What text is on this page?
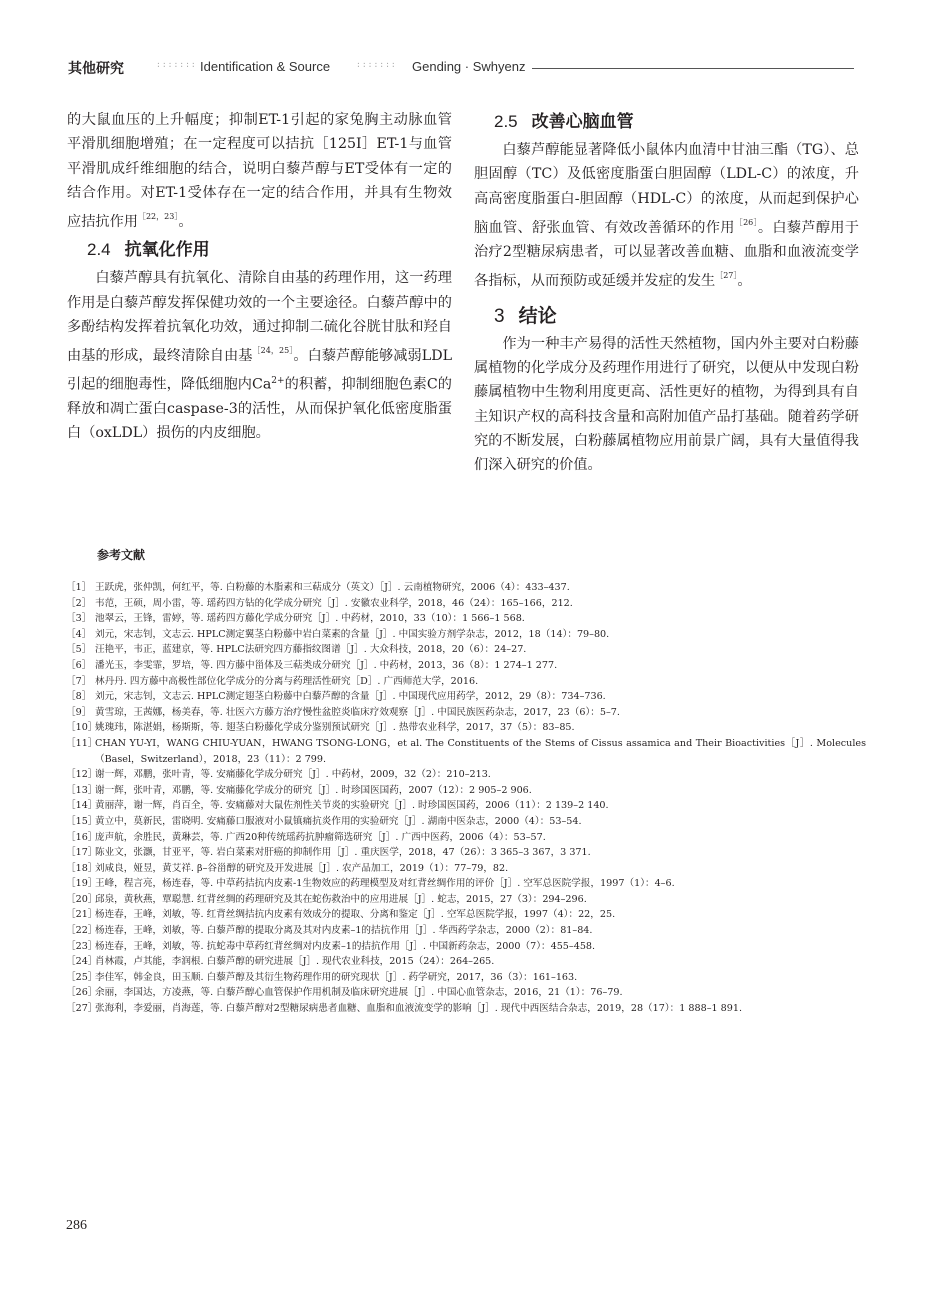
其他研究	::::::: Identification & Source	::::::: Gending · Swhyenz

的大鼠血压的上升幅度；抑制ET-1引起的家兔胸主动脉血管平滑肌细胞增殖；在一定程度可以拮抗［125I］ET-1与血管平滑肌成纤维细胞的结合，说明白藜芦醇与ET受体有一定的结合作用。对ET-1受体存在一定的结合作用，并具有生物效应拮抗作用$^{[22,23]}$。

2.4 抗氧化作用

白藜芦醇具有抗氧化、清除自由基的药理作用，这一药理作用是白藜芦醇发挥保健功效的一个主要途径。白藜芦醇中的多酚结构发挥着抗氧化功效，通过抑制二硫化谷胱甘肽和羟自由基的形成，最终清除自由基$^{[24,25]}$。白藜芦醇能够减弱LDL引起的细胞毒性，降低细胞内$Ca^{2+}$的积蓄，抑制细胞色素C的释放和凋亡蛋白caspase-3的活性，从而保护氧化低密度脂蛋白（oxLDL）损伤的内皮细胞。

2.5 改善心脑血管

白藜芦醇能显著降低小鼠体内血清中甘油三酯（TG）、总胆固醇（TC）及低密度脂蛋白胆固醇（LDL-C）的浓度，升高高密度脂蛋白-胆固醇（HDL-C）的浓度，从而起到保护心脑血管、舒张血管、有效改善循环的作用$^{[26]}$。白藜芦醇用于治疗2型糖尿病患者，可以显著改善血糖、血脂和血液流变学各指标，从而预防或延缓并发症的发生$^{[27]}$。

3 结论

作为一种丰产易得的活性天然植物，国内外主要对白粉藤属植物的化学成分及药理作用进行了研究，以便从中发现白粉藤属植物中生物利用度更高、活性更好的植物，为得到具有自主知识产权的高科技含量和高附加值产品打基础。随着药学研究的不断发展，白粉藤属植物应用前景广阔，具有大量值得我们深入研究的价值。

参考文献
［1］ 王跃虎，张仲凯，何红平，等. 白粉藤的木脂素和三萜成分（英文）［J］. 云南植物研究，2006（4）：433–437.
［2］ 韦范，王硕，周小雷，等. 瑶药四方钻的化学成分研究［J］. 安徽农业科学，2018，46（24）：165–166，212.
［3］ 池翠云，王锋，雷婷，等. 瑶药四方藤化学成分研究［J］. 中药材，2010，33（10）：1 566–1 568.
［4］ 刘元，宋志钊，文志云. HPLC测定翼茎白粉藤中岩白菜素的含量［J］. 中国实验方剂学杂志，2012，18（14）：79–80.
［5］ 汪艳平，韦正，蓝建京，等. HPLC法研究四方藤指纹图谱［J］. 大众科技，2018，20（6）：24–27.
［6］ 潘光玉，李雯霏，罗培，等. 四方藤中甾体及三萜类成分研究［J］. 中药材，2013，36（8）：1 274–1 277.
［7］ 林丹丹. 四方藤中高极性部位化学成分的分离与药理活性研究［D］. 广西师范大学，2016.
［8］ 刘元，宋志钊，文志云. HPLC测定翅茎白粉藤中白藜芦醇的含量［J］. 中国现代应用药学，2012，29（8）：734–736.
［9］ 黄雪琼，王茜娜，杨美春，等. 壮医六方藤方治疗慢性盆腔炎临床疗效观察［J］. 中国民族医药杂志，2017，23（6）：5–7.
［10］
姚瑰玮，陈湛娟，杨斯斯，等. 翅茎白粉藤化学成分鉴别预试研究［J］. 热带农业科学，2017，37（5）：83–85.
［11］
CHAN YU-YI，WANG CHIU-YUAN，HWANG TSONG-LONG，et al. The Constituents of the Stems of Cissus assamica and Their Bioactivities［J］. Molecules（Basel，Switzerland），2018，23（11）：2 799.
［12］
谢一辉，邓鹏，张叶青，等. 安痛藤化学成分研究［J］. 中药材，2009，32（2）：210–213.
［13］
谢一辉，张叶青，邓鹏，等. 安痛藤化学成分的研究［J］. 时珍国医国药，2007（12）：2 905–2 906.
［14］
黄丽萍，谢一辉，肖百全，等. 安痛藤对大鼠佐剂性关节炎的实验研究［J］. 时珍国医国药，2006（11）：2 139–2 140.
［15］
黄立中，莫新民，雷晓明. 安痛藤口服液对小鼠镇痛抗炎作用的实验研究［J］. 湖南中医杂志，2000（4）：53–54.
［16］
庞声航，余胜民，黄琳芸，等. 广西20种传统瑶药抗肿瘤筛选研究［J］. 广西中医药，2006（4）：53–57.
［17］
陈业文，张灏，甘亚平，等. 岩白菜素对肝癌的抑制作用［J］. 重庆医学，2018，47（26）：3 365–3 367，3 371.
［18］
刘咸良，娅昱，黄艾祥. β–谷甾醇的研究及开发进展［J］. 农产品加工，2019（1）：77–79，82.
［19］
王峰，程言亮，杨连春，等. 中草药拮抗内皮素-1生物效应的药理模型及对红背丝绸作用的评价［J］. 空军总医院学报，1997（1）：4–6.
［20］
邱泉，黄秋燕，覃聪慧. 红背丝绸的药理研究及其在蛇伤救治中的应用进展［J］. 蛇志，2015，27（3）：294–296.
［21］
杨连春，王峰，刘敏，等. 红背丝绸拮抗内皮素有效成分的提取、分离和鉴定［J］. 空军总医院学报，1997（4）：22，25.
［22］
杨连春，王峰，刘敏，等. 白藜芦醇的提取分离及其对内皮素–1的拮抗作用［J］. 华西药学杂志，2000（2）：81–84.
［23］
杨连春，王峰，刘敏，等. 抗蛇毒中草药红背丝绸对内皮素–1的拮抗作用［J］. 中国新药杂志，2000（7）：455–458.
［24］
肖林霞，卢其能，李润根. 白藜芦醇的研究进展［J］. 现代农业科技，2015（24）：264–265.
［25］
李佳军，韩金良，田玉顺. 白藜芦醇及其衍生物药理作用的研究现状［J］. 药学研究，2017，36（3）：161–163.
［26］
余丽，李国达，方凌燕，等. 白藜芦醇心血管保护作用机制及临床研究进展［J］. 中国心血管杂志，2016，21（1）：76–79.
［27］
张海利，李爱丽，肖海莲，等. 白藜芦醇对2型糖尿病患者血糖、血脂和血液流变学的影响［J］. 现代中西医结合杂志，2019，28（17）：1 888–1 891.
286
